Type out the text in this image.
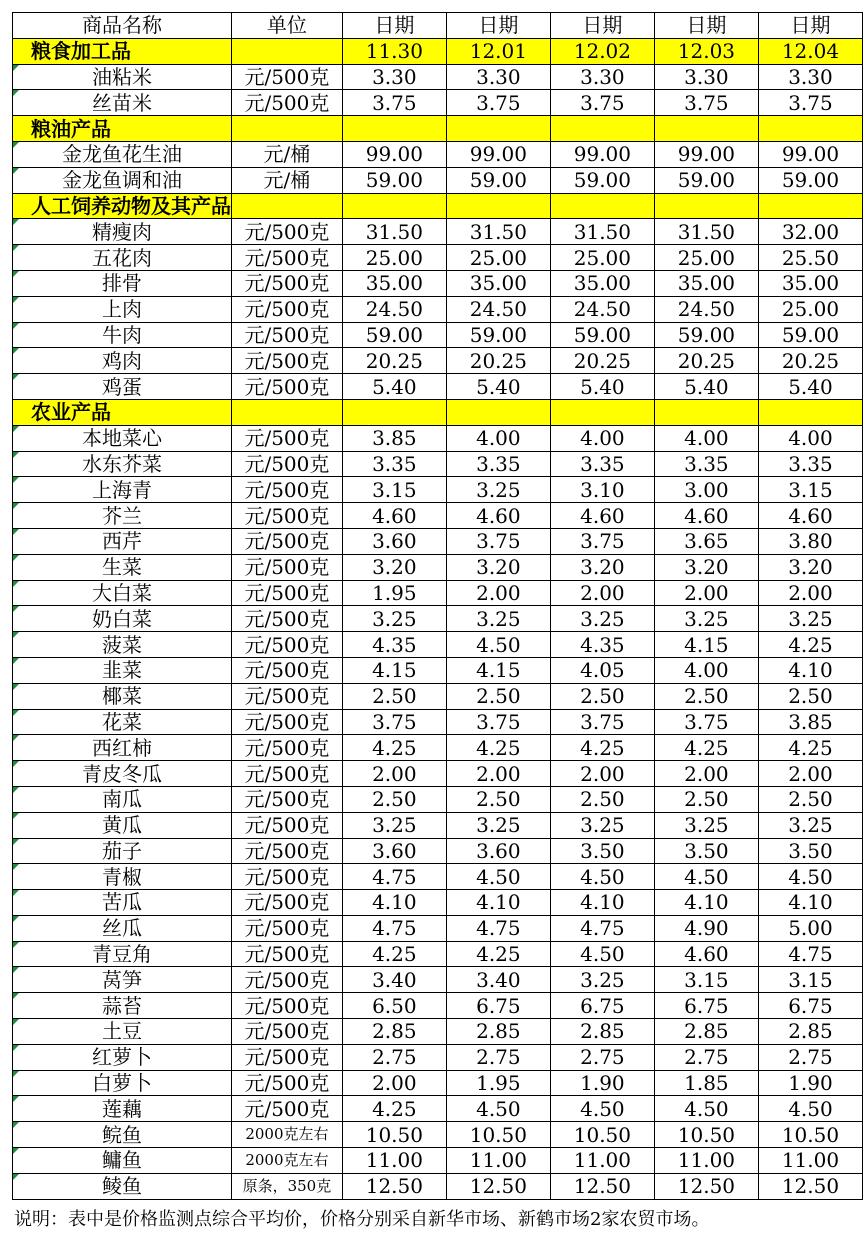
商品名称	单位	日期	日期	日期	日期	日期
粮食加工品		11.30	12.01	12.02	12.03	12.04
油粘米	元/500克	3.30	3.30	3.30	3.30	3.30
丝苗米	元/500克	3.75	3.75	3.75	3.75	3.75
粮油产品						
金龙鱼花生油	元/桶	99.00	99.00	99.00	99.00	99.00
金龙鱼调和油	元/桶	59.00	59.00	59.00	59.00	59.00
人工饲养动物及其产品						
精瘦肉	元/500克	31.50	31.50	31.50	31.50	32.00
五花肉	元/500克	25.00	25.00	25.00	25.00	25.50
排骨	元/500克	35.00	35.00	35.00	35.00	35.00
上肉	元/500克	24.50	24.50	24.50	24.50	25.00
牛肉	元/500克	59.00	59.00	59.00	59.00	59.00
鸡肉	元/500克	20.25	20.25	20.25	20.25	20.25
鸡蛋	元/500克	5.40	5.40	5.40	5.40	5.40
农业产品						
本地菜心	元/500克	3.85	4.00	4.00	4.00	4.00
水东芥菜	元/500克	3.35	3.35	3.35	3.35	3.35
上海青	元/500克	3.15	3.25	3.10	3.00	3.15
芥兰	元/500克	4.60	4.60	4.60	4.60	4.60
西芹	元/500克	3.60	3.75	3.75	3.65	3.80
生菜	元/500克	3.20	3.20	3.20	3.20	3.20
大白菜	元/500克	1.95	2.00	2.00	2.00	2.00
奶白菜	元/500克	3.25	3.25	3.25	3.25	3.25
菠菜	元/500克	4.35	4.50	4.35	4.15	4.25
韭菜	元/500克	4.15	4.15	4.05	4.00	4.10
椰菜	元/500克	2.50	2.50	2.50	2.50	2.50
花菜	元/500克	3.75	3.75	3.75	3.75	3.85
西红柿	元/500克	4.25	4.25	4.25	4.25	4.25
青皮冬瓜	元/500克	2.00	2.00	2.00	2.00	2.00
南瓜	元/500克	2.50	2.50	2.50	2.50	2.50
黄瓜	元/500克	3.25	3.25	3.25	3.25	3.25
茄子	元/500克	3.60	3.60	3.50	3.50	3.50
青椒	元/500克	4.75	4.50	4.50	4.50	4.50
苦瓜	元/500克	4.10	4.10	4.10	4.10	4.10
丝瓜	元/500克	4.75	4.75	4.75	4.90	5.00
青豆角	元/500克	4.25	4.25	4.50	4.60	4.75
莴笋	元/500克	3.40	3.40	3.25	3.15	3.15
蒜苔	元/500克	6.50	6.75	6.75	6.75	6.75
土豆	元/500克	2.85	2.85	2.85	2.85	2.85
红萝卜	元/500克	2.75	2.75	2.75	2.75	2.75
白萝卜	元/500克	2.00	1.95	1.90	1.85	1.90
莲藕	元/500克	4.25	4.50	4.50	4.50	4.50
鲩鱼	2000克左右	10.50	10.50	10.50	10.50	10.50
鳙鱼	2000克左右	11.00	11.00	11.00	11.00	11.00
鲮鱼	原条，350克	12.50	12.50	12.50	12.50	12.50
说明：表中是价格监测点综合平均价，价格分别采自新华市场、新鹤市场2家农贸市场。
